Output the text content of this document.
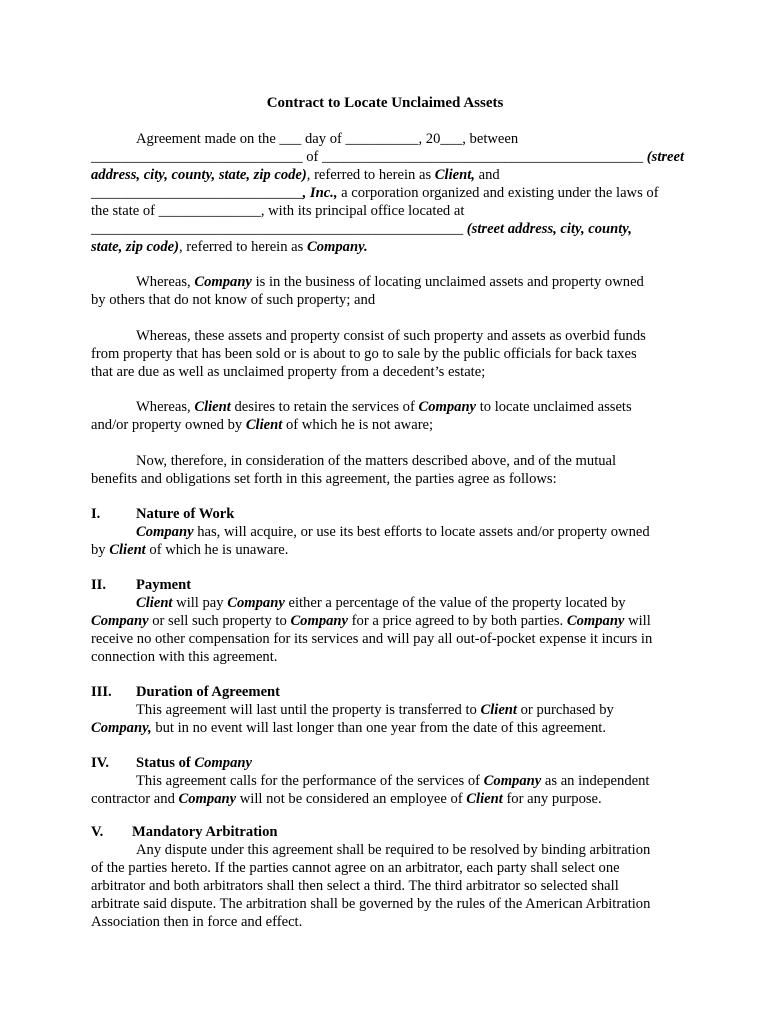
Contract to Locate Unclaimed Assets
Agreement made on the ___ day of __________, 20___, between
_____________________________ of ____________________________________________ (street
address, city, county, state, zip code), referred to herein as Client, and
_____________________________, Inc., a corporation organized and existing under the laws of
the state of ______________, with its principal office located at
___________________________________________________ (street address, city, county,
state, zip code), referred to herein as Company.
Whereas, Company is in the business of locating unclaimed assets and property owned
by others that do not know of such property; and
Whereas, these assets and property consist of such property and assets as overbid funds
from property that has been sold or is about to go to sale by the public officials for back taxes
that are due as well as unclaimed property from a decedent’s estate;
Whereas, Client desires to retain the services of Company to locate unclaimed assets
and/or property owned by Client of which he is not aware;
Now, therefore, in consideration of the matters described above, and of the mutual
benefits and obligations set forth in this agreement, the parties agree as follows:
I. Nature of Work
Company has, will acquire, or use its best efforts to locate assets and/or property owned
by Client of which he is unaware.
II. Payment
Client will pay Company either a percentage of the value of the property located by
Company or sell such property to Company for a price agreed to by both parties. Company will
receive no other compensation for its services and will pay all out-of-pocket expense it incurs in
connection with this agreement.
III. Duration of Agreement
This agreement will last until the property is transferred to Client or purchased by
Company, but in no event will last longer than one year from the date of this agreement.
IV. Status of Company
This agreement calls for the performance of the services of Company as an independent
contractor and Company will not be considered an employee of Client for any purpose.
V. Mandatory Arbitration
Any dispute under this agreement shall be required to be resolved by binding arbitration
of the parties hereto. If the parties cannot agree on an arbitrator, each party shall select one
arbitrator and both arbitrators shall then select a third. The third arbitrator so selected shall
arbitrate said dispute. The arbitration shall be governed by the rules of the American Arbitration
Association then in force and effect.
